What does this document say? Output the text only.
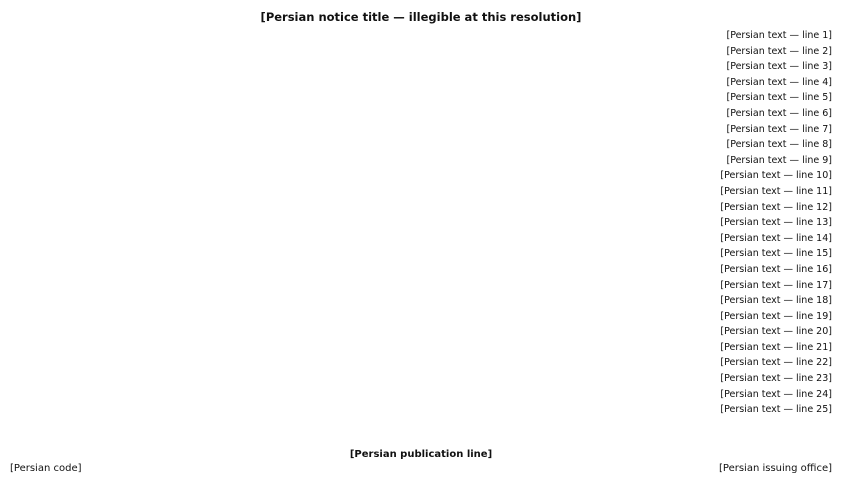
[Persian notice title — illegible at this resolution]
[Persian text — line 1]
[Persian text — line 2]
[Persian text — line 3]
[Persian text — line 4]
[Persian text — line 5]
[Persian text — line 6]
[Persian text — line 7]
[Persian text — line 8]
[Persian text — line 9]
[Persian text — line 10]
[Persian text — line 11]
[Persian text — line 12]
[Persian text — line 13]
[Persian text — line 14]
[Persian text — line 15]
[Persian text — line 16]
[Persian text — line 17]
[Persian text — line 18]
[Persian text — line 19]
[Persian text — line 20]
[Persian text — line 21]
[Persian text — line 22]
[Persian text — line 23]
[Persian text — line 24]
[Persian text — line 25]
[Persian publication line]
[Persian issuing office]
[Persian code]
